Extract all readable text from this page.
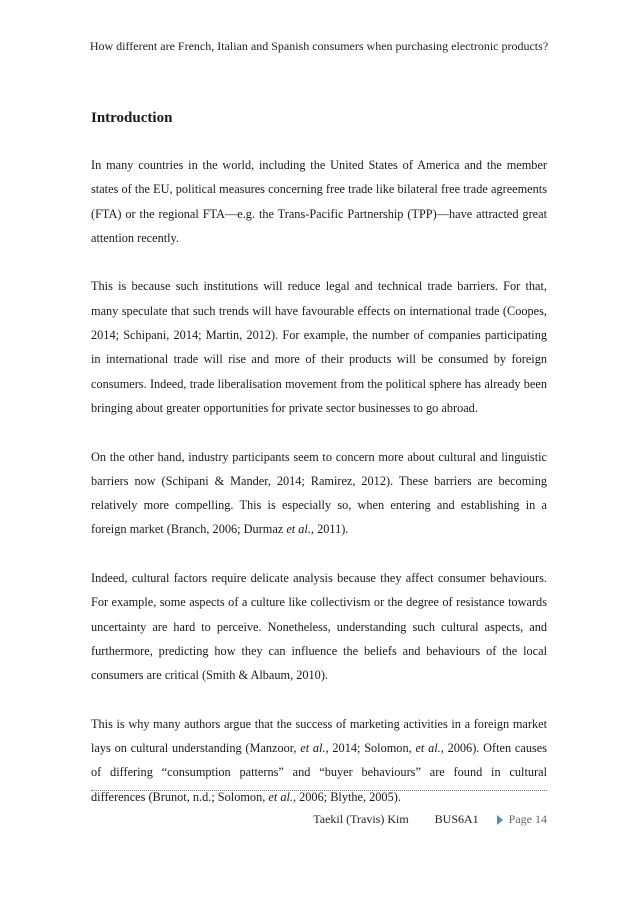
How different are French, Italian and Spanish consumers when purchasing electronic products?
Introduction

In many countries in the world, including the United States of America and the member states of the EU, political measures concerning free trade like bilateral free trade agreements (FTA) or the regional FTA—e.g. the Trans-Pacific Partnership (TPP)—have attracted great attention recently.

This is because such institutions will reduce legal and technical trade barriers. For that, many speculate that such trends will have favourable effects on international trade (Coopes, 2014; Schipani, 2014; Martin, 2012). For example, the number of companies participating in international trade will rise and more of their products will be consumed by foreign consumers. Indeed, trade liberalisation movement from the political sphere has already been bringing about greater opportunities for private sector businesses to go abroad.

On the other hand, industry participants seem to concern more about cultural and linguistic barriers now (Schipani & Mander, 2014; Ramirez, 2012). These barriers are becoming relatively more compelling. This is especially so, when entering and establishing in a foreign market (Branch, 2006; Durmaz et al., 2011).

Indeed, cultural factors require delicate analysis because they affect consumer behaviours. For example, some aspects of a culture like collectivism or the degree of resistance towards uncertainty are hard to perceive. Nonetheless, understanding such cultural aspects, and furthermore, predicting how they can influence the beliefs and behaviours of the local consumers are critical (Smith & Albaum, 2010).

This is why many authors argue that the success of marketing activities in a foreign market lays on cultural understanding (Manzoor, et al., 2014; Solomon, et al., 2006). Often causes of differing “consumption patterns” and “buyer behaviours” are found in cultural differences (Brunot, n.d.; Solomon, et al., 2006; Blythe, 2005).

Taekil (Travis) Kim BUS6A1	Page 14
